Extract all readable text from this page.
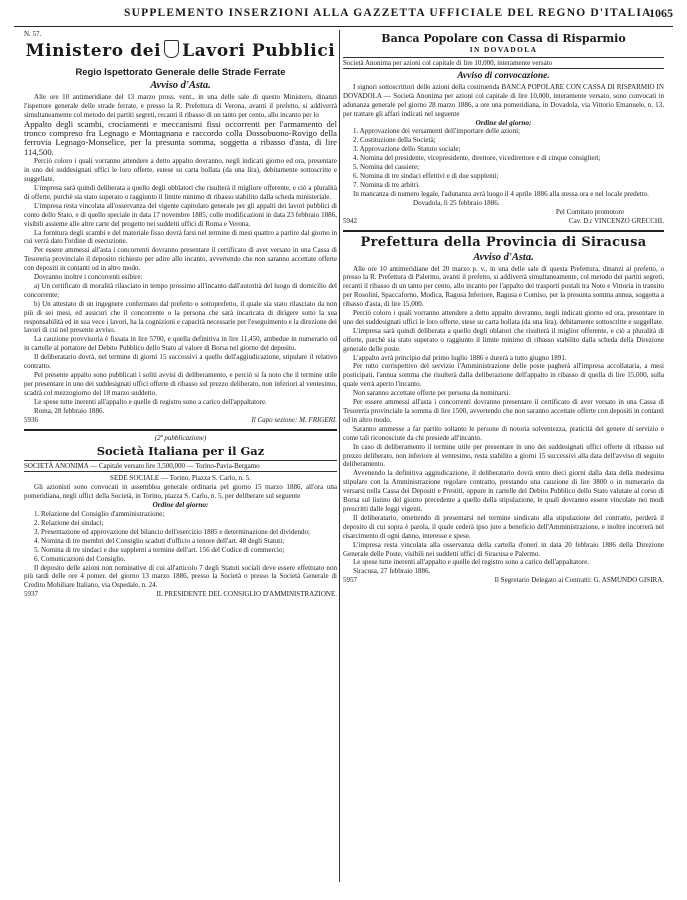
SUPPLEMENTO INSERZIONI ALLA GAZZETTA UFFICIALE DEL REGNO D'ITALIA
1065

N. 57.

Ministero dei Lavori Pubblici
Regio Ispettorato Generale delle Strade Ferrate
Avviso d'Asta.

Alle ore 10 antimeridiane del 13 marzo pross. vent., in una delle sale di questo Ministero, dinanzi l'ispettore generale delle strade ferrate, e presso la R. Prefettura di Verona, avanti il prefetto, si addiverrà simultaneamente col metodo dei partiti segreti, recanti il ribasso di un tanto per cento, allo incanto per lo

Appalto degli scambi, crociamenti e meccanismi fissi occorrenti per l'armamento del tronco compreso fra Legnago e Montagnana e raccordo colla Dossobuono-Rovigo della ferrovia Legnago-Monselice, per la presunta somma, soggetta a ribasso d'asta, di lire 114,500.

Perciò coloro i quali vorranno attendere a detto appalto dovranno, negli indicati giorno ed ora, presentare in uno dei suddesignati uffici le loro offerte, estese su carta bollata (da una lira), debitamente sottoscritte e suggellate.

L'impresa sarà quindi deliberata a quello degli obblatori che risulterà il migliore offerente, e ciò a pluralità di offerte, purchè sia stato superato o raggiunto il limite minimo di ribasso stabilito dalla scheda ministeriale.

L'impresa resta vincolata all'osservanza del vigente capitolato generale per gli appalti dei lavori pubblici di conto dello Stato, e di quello speciale in data 17 novembre 1885, colle modificazioni in data 23 febbraio 1886, visibili assieme alle altre carte del progetto nei suddetti uffici di Roma e Verona.

La fornitura degli scambi e del materiale fisso dovrà farsi nel termine di mesi quattro a partire dal giorno in cui verrà dato l'ordine di esecuzione.

Per essere ammessi all'asta i concorrenti dovranno presentare il certificato di aver versato in una Cassa di Tesoreria provinciale il deposito richiesto per adire allo incanto, avvertendo che non saranno accettate offerte con depositi in contanti od in altro modo.

Dovranno inoltre i concorrenti esibire:

a) Un certificato di moralità rilasciato in tempo prossimo all'incanto dall'autorità del luogo di domicilio del concorrente;

b) Un attestato di un ingegnere confermato dal prefetto o sottoprefetto, il quale sia stato rilasciato da non più di sei mesi, ed assicuri che il concorrente o la persona che sarà incaricata di dirigere sotto la sua responsabilità ed in sua vece i lavori, ha la cognizioni e capacità necessarie per l'eseguimento e la direzione dei lavori di cui nel presente avviso.

La cauzione provvisoria è fissata in lire 5700, e quella definitiva in lire 11,450, ambedue in numerario od in cartelle al portatore del Debito Pubblico dello Stato al valore di Borsa nel giorno del deposito.

Il deliberatario dovrà, nel termine di giorni 15 successivi a quello dell'aggiudicazione, stipulare il relativo contratto.

Pel presente appalto sono pubblicati i soliti avvisi di deliberamento, e perciò si fa noto che il termine utile per presentare in uno dei suddesignati uffici offerte di ribasso sul prezzo deliberato, non inferiori al ventesimo, scadrà col mezzogiorno del 18 marzo suddetto.

Le spese tutte inerenti all'appalto e quelle di registro sono a carico dell'appaltatore.

Roma, 28 febbraio 1886.

5936	Il Capo sezione: M. FRIGERI.

(2ª pubblicazione)

Società Italiana per il Gaz
SOCIETÀ ANONIMA — Capitale versato lire 3,500,000 — Torino-Pavia-Bergamo

SEDE SOCIALE — Torino, Piazza S. Carlo, n. 5.

Gli azionisti sono convocati in assemblea generale ordinaria pel giorno 15 marzo 1886, all'ora una pomeridiana, negli uffici della Società, in Torino, piazza S. Carlo, n. 5, per deliberare sul seguente

Ordine del giorno:

1. Relazione del Consiglio d'amministrazione;

2. Relazione dei sindaci;

3. Presentazione ed approvazione del bilancio dell'esercizio 1885 e determinazione del dividendo;

4. Nomina di tre membri del Consiglio scaduti d'ufficio a tenore dell'art. 48 degli Statuti;

5. Nomina di tre sindaci e due supplenti a termine dell'art. 156 del Codice di commercio;

6. Comunicazioni del Consiglio.

Il deposito delle azioni non nominative di cui all'articolo 7 degli Statuti sociali deve essere effettuato non più tardi delle ore 4 pomer. del giorno 13 marzo 1886, presso la Società o presso la Società Generale di Credito Mobiliare Italiano, via Ospedale, n. 24.

5937	IL PRESIDENTE DEL CONSIGLIO D'AMMINISTRAZIONE.
Banca Popolare con Cassa di Risparmio

IN DOVADOLA

Società Anonima per azioni col capitale di lire 10,000, interamente versato
Avviso di convocazione.

I signori sottoscrittori delle azioni della costituenda BANCA POPOLARE CON CASSA DI RISPARMIO IN DOVADOLA — Società Anonima per azioni col capitale di lire 10,000, interamente versato, sono convocati in adunanza generale pel giorno 28 marzo 1886, a ore una pomeridiana, in Dovadola, via Vittorio Emanuele, n. 13, per trattare gli affari indicati nel seguente

Ordine del giorno:

1. Approvazione dei versamenti dell'importare delle azioni;

2. Costituzione della Società;

3. Approvazione dello Statuto sociale;

4. Nomina del presidente, vicepresidente, direttore, vicedirettore e di cinque consiglieri;

5. Nomina del cassiere;

6. Nomina di tre sindaci effettivi e di due supplenti;

7. Nomina di tre arbitri.

In mancanza di numero legale, l'adunanza avrà luogo il 4 aprile 1886 alla stessa ora e nel locale predetto.

Dovadola, li 25 febbraio 1886.

Pel Comitato promotore

5942	Cav. D.r VINCENZO GRECCHI.
Prefettura della Provincia di Siracusa
Avviso d'Asta.

Alle ore 10 antimeridiane del 20 marzo p. v., in una delle sale di questa Prefettura, dinanzi al prefetto, o presso la R. Prefettura di Palermo, avanti il prefetto, si addiverrà simultaneamente, col metodo dei partiti segreti, recanti il ribasso di un tanto per cento, allo incanto per l'appalto dei trasporti postali tra Noto e Vittoria in transito per Rosolini, Spaccaforno, Modica, Ragusa Inferiore, Ragusa e Comiso, per la presunta somma annua, soggetta a ribasso d'asta, di lire 15,000.

Perciò coloro i quali vorranno attendere a detto appalto dovranno, negli indicati giorno ed ora, presentare in uno dei suddesignati uffici le loro offerte, stese su carta bollata (da una lira), debitamente sottoscritte e suggellate.

L'impresa sarà quindi deliberata a quello degli oblatori che risulterà il miglior offerente, e ciò a pluralità di offerte, purchè sia stato superato o raggiunto il limite minimo di ribasso stabilito dalla scheda della Direzione generale delle poste.

L'appalto avrà principio dal primo luglio 1886 e durerà a tutto giugno 1891.

Per tutto corrispettivo del servizio l'Amministrazione delle poste pagherà all'impresa accollataria, a mesi posticipati, l'annua somma che risulterà dalla deliberazione dell'appalto in ribasso di quella di lire 15,000, sulla quale verrà aperto l'incanto.

Non saranno accettate offerte per persona da nominarsi.

Per essere ammessi all'asta i concorrenti dovranno presentare il certificato di aver versato in una Cassa di Tesoreria provinciale la somma di lire 1500, avvertendo che non saranno accettate offerte con depositi in contanti od in altro modo.

Saranno ammesse a far partito soltanto le persone di notoria solventezza, praticità del genere di servizio e come tali riconosciute da chi presiede all'incanto.

In caso di deliberamento il termine utile per presentare in uno dei suddesignati uffici offerte di ribasso sul prezzo deliberato, non inferiore al ventesimo, resta stabilito a giorni 15 successivi alla data dell'avviso di seguito deliberamento.

Avvenendo la definitiva aggiudicazione, il deliberatario dovrà entro dieci giorni dalla data della medesima stipulare con la Amministrazione regolare contratto, prestando una cauzione di lire 3800 o in numerario da versarsi nella Cassa dei Depositi e Prestiti, oppure in cartelle del Debito Pubblico dello Stato valutate al corso di Borsa sul listino del giorno precedente a quello della stipulazione, le quali dovranno essere vincolate nei modi prescritti dalle leggi vigenti.

Il deliberatario, omettendo di presentarsi nel termine sindicato alla stipulazione del contratto, perderà il deposito di cui sopra è parola, il quale cederà ipso jure a beneficio dell'Amministrazione, e inoltre incorrerà nel risarcimento di ogni danno, interesse e spese.

L'impresa resta vincolata alla osservanza della cartella d'oneri in data 20 febbraio 1886 della Direzione Generale delle Poste, visibili nei suddetti uffici di Siracusa e Palermo.

Le spese tutte inerenti all'appalto e quelle del registro sono a carico dell'appaltatore.

Siracusa, 27 febbraio 1886.

5957	Il Segretario Delegato ai Contratti: G. ASMUNDO GISIRA.
